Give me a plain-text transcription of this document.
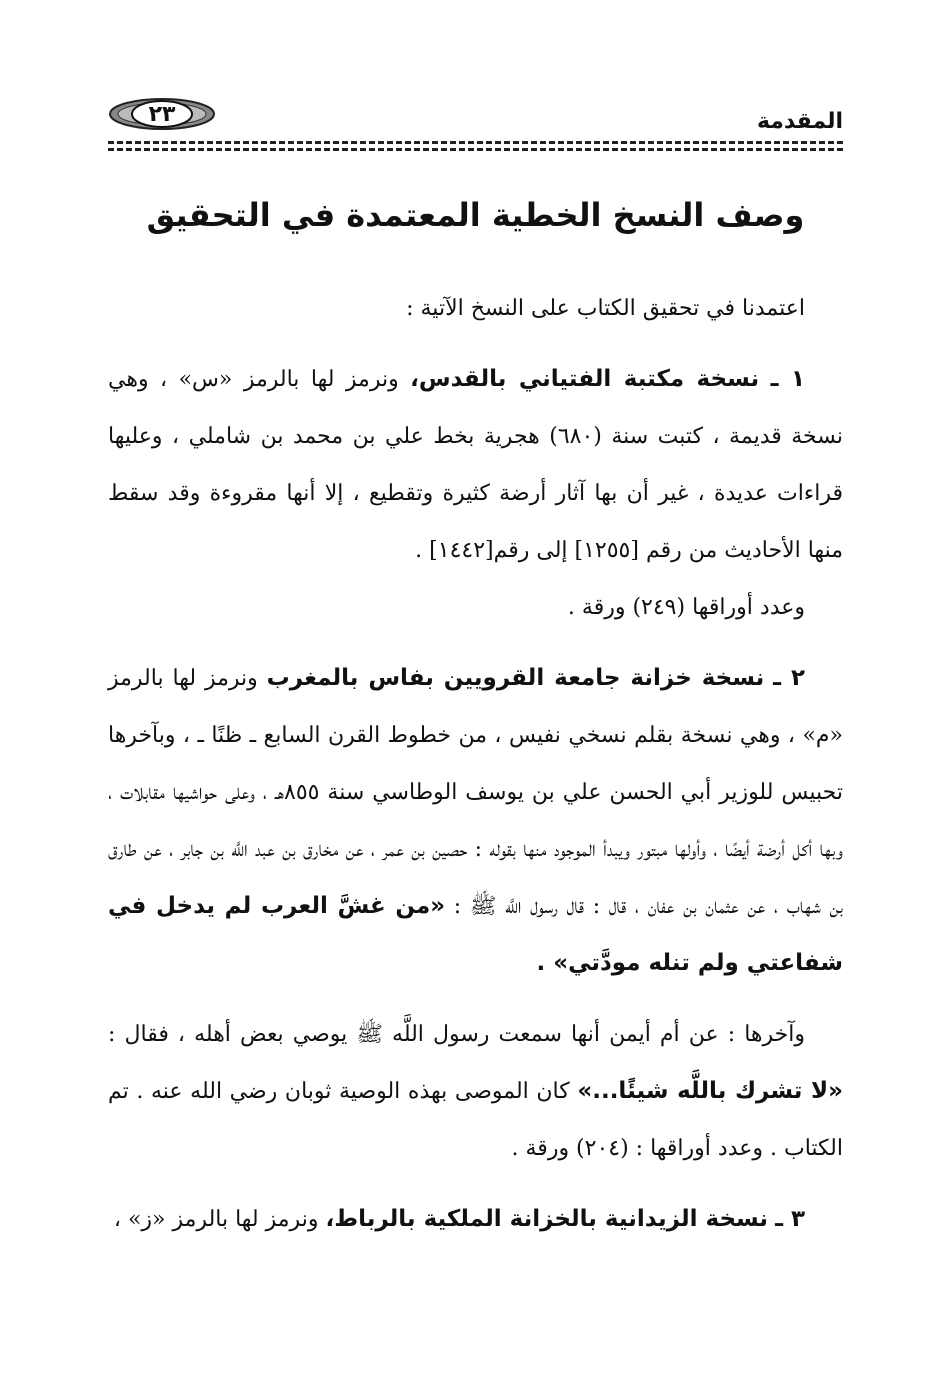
٢٣	المقدمة
وصف النسخ الخطية المعتمدة في التحقيق

اعتمدنا في تحقيق الكتاب على النسخ الآتية :

١ ـ نسخة مكتبة الفتياني بالقدس، ونرمز لها بالرمز «س» ، وهي نسخة قديمة ، كتبت سنة (٦٨٠) هجرية بخط علي بن محمد بن شاملي ، وعليها قراءات عديدة ، غير أن بها آثار أرضة كثيرة وتقطيع ، إلا أنها مقروءة وقد سقط منها الأحاديث من رقم [١٢٥٥] إلى رقم[١٤٤٢] .

وعدد أوراقها (٢٤٩) ورقة .

٢ ـ نسخة خزانة جامعة القرويين بفاس بالمغرب ونرمز لها بالرمز «م» ، وهي نسخة بقلم نسخي نفيس ، من خطوط القرن السابع ـ ظنًا ـ ، وبآخرها تحبيس للوزير أبي الحسن علي بن يوسف الوطاسي سنة ٨٥٥هـ ، وعلى حواشيها مقابلات ، وبها أكل أرضة أيضًا ، وأولها مبتور ويبدأ الموجود منها بقوله : حصين بن عمر ، عن مخارق بن عبد اللَّه بن جابر ، عن طارق بن شهاب ، عن عثمان بن عفان ، قال : قال رسول اللَّه ﷺ : «من غشَّ العرب لم يدخل في شفاعتي ولم تنله مودَّتي» .

وآخرها : عن أم أيمن أنها سمعت رسول اللَّه ﷺ يوصي بعض أهله ، فقال : «لا تشرك باللَّه شيئًا...» كان الموصى بهذه الوصية ثوبان رضي الله عنه . تم الكتاب . وعدد أوراقها : (٢٠٤) ورقة .

٣ ـ نسخة الزيدانية بالخزانة الملكية بالرباط، ونرمز لها بالرمز «ز» ،
